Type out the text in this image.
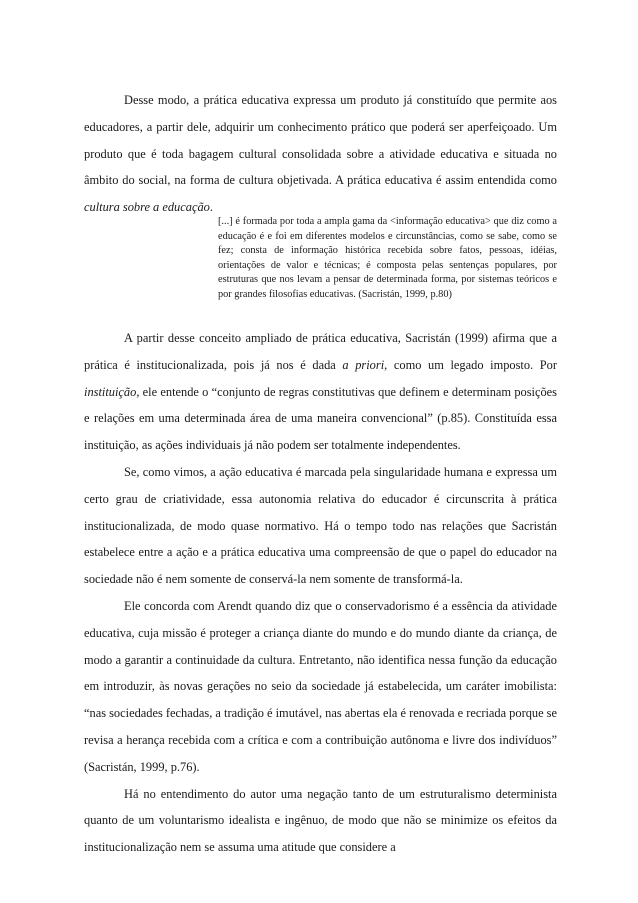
Desse modo, a prática educativa expressa um produto já constituído que permite aos educadores, a partir dele, adquirir um conhecimento prático que poderá ser aperfeiçoado. Um produto que é toda bagagem cultural consolidada sobre a atividade educativa e situada no âmbito do social, na forma de cultura objetivada. A prática educativa é assim entendida como cultura sobre a educação.

[...] é formada por toda a ampla gama da <informação educativa> que diz como a educação é e foi em diferentes modelos e circunstâncias, como se sabe, como se fez; consta de informação histórica recebida sobre fatos, pessoas, idéias, orientações de valor e técnicas; é composta pelas sentenças populares, por estruturas que nos levam a pensar de determinada forma, por sistemas teóricos e por grandes filosofias educativas. (Sacristán, 1999, p.80)

A partir desse conceito ampliado de prática educativa, Sacristán (1999) afirma que a prática é institucionalizada, pois já nos é dada a priori, como um legado imposto. Por instituição, ele entende o “conjunto de regras constitutivas que definem e determinam posições e relações em uma determinada área de uma maneira convencional” (p.85). Constituída essa instituição, as ações individuais já não podem ser totalmente independentes.

Se, como vimos, a ação educativa é marcada pela singularidade humana e expressa um certo grau de criatividade, essa autonomia relativa do educador é circunscrita à prática institucionalizada, de modo quase normativo. Há o tempo todo nas relações que Sacristán estabelece entre a ação e a prática educativa uma compreensão de que o papel do educador na sociedade não é nem somente de conservá-la nem somente de transformá-la.

Ele concorda com Arendt quando diz que o conservadorismo é a essência da atividade educativa, cuja missão é proteger a criança diante do mundo e do mundo diante da criança, de modo a garantir a continuidade da cultura. Entretanto, não identifica nessa função da educação em introduzir, às novas gerações no seio da sociedade já estabelecida, um caráter imobilista: “nas sociedades fechadas, a tradição é imutável, nas abertas ela é renovada e recriada porque se revisa a herança recebida com a crítica e com a contribuição autônoma e livre dos indivíduos” (Sacristán, 1999, p.76).

Há no entendimento do autor uma negação tanto de um estruturalismo determinista quanto de um voluntarismo idealista e ingênuo, de modo que não se minimize os efeitos da institucionalização nem se assuma uma atitude que considere a
